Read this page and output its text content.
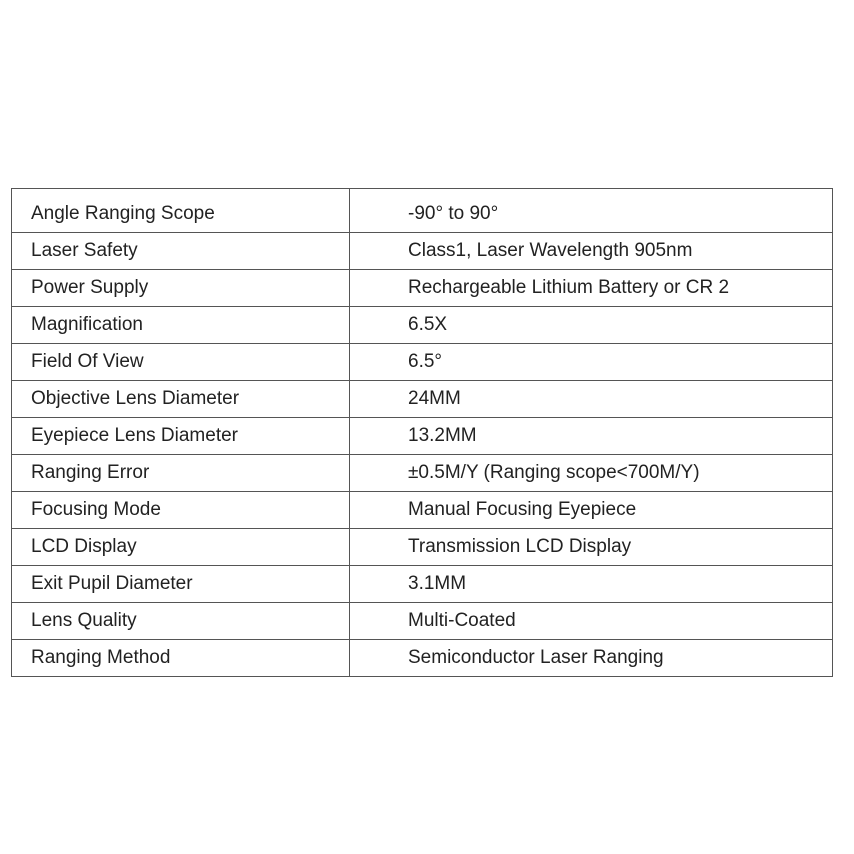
Angle Ranging Scope	-90° to 90°
Laser Safety	Class1, Laser Wavelength 905nm
Power Supply	Rechargeable Lithium Battery or CR 2
Magnification	6.5X
Field Of View	6.5°
Objective Lens Diameter	24MM
Eyepiece Lens Diameter	13.2MM
Ranging Error	±0.5M/Y (Ranging scope<700M/Y)
Focusing Mode	Manual Focusing Eyepiece
LCD Display	Transmission LCD Display
Exit Pupil Diameter	3.1MM
Lens Quality	Multi-Coated
Ranging Method	Semiconductor Laser Ranging
